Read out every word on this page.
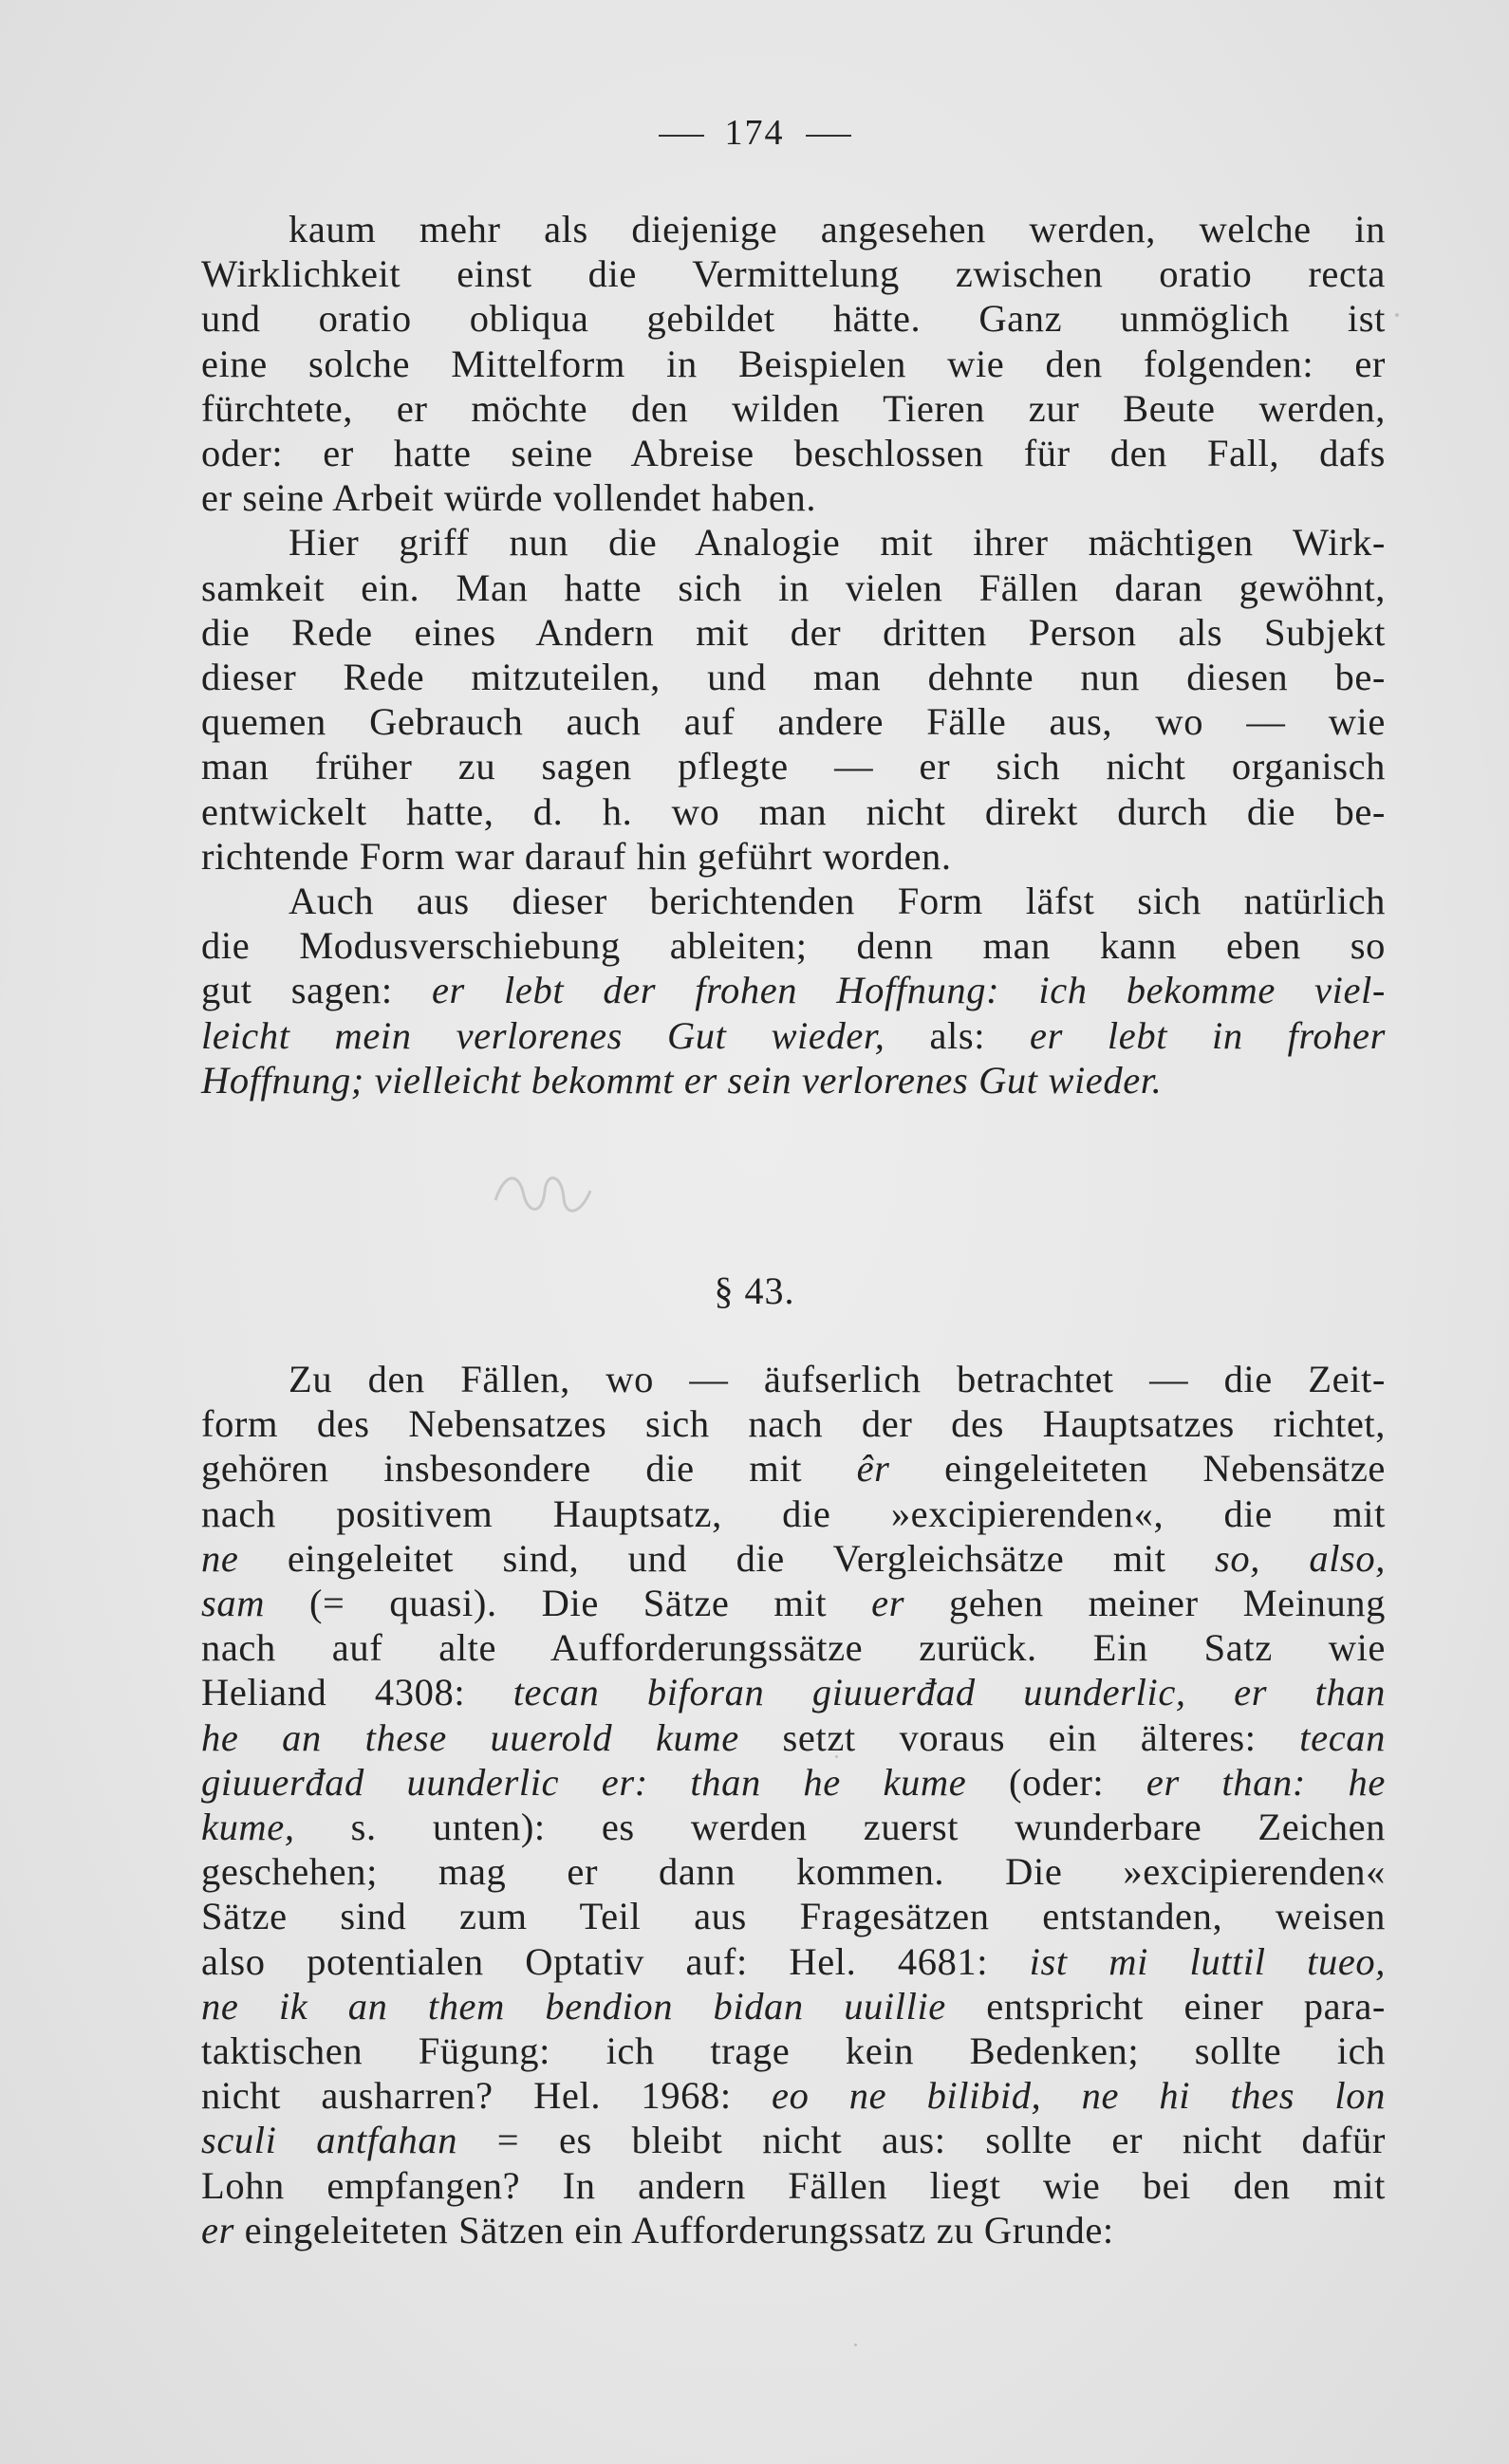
174
kaum mehr als diejenige angesehen werden, welche in
Wirklichkeit einst die Vermittelung zwischen oratio recta
und oratio obliqua gebildet hätte. Ganz unmöglich ist
eine solche Mittelform in Beispielen wie den folgenden: er
fürchtete, er möchte den wilden Tieren zur Beute werden,
oder: er hatte seine Abreise beschlossen für den Fall, dafs
er seine Arbeit würde vollendet haben.
Hier griff nun die Analogie mit ihrer mächtigen Wirk-
samkeit ein. Man hatte sich in vielen Fällen daran gewöhnt,
die Rede eines Andern mit der dritten Person als Subjekt
dieser Rede mitzuteilen, und man dehnte nun diesen be-
quemen Gebrauch auch auf andere Fälle aus, wo — wie
man früher zu sagen pflegte — er sich nicht organisch
entwickelt hatte, d. h. wo man nicht direkt durch die be-
richtende Form war darauf hin geführt worden.
Auch aus dieser berichtenden Form läfst sich natürlich
die Modusverschiebung ableiten; denn man kann eben so
gut sagen: er lebt der frohen Hoffnung: ich bekomme viel-
leicht mein verlorenes Gut wieder, als: er lebt in froher
Hoffnung; vielleicht bekommt er sein verlorenes Gut wieder.
§ 43.
Zu den Fällen, wo — äufserlich betrachtet — die Zeit-
form des Nebensatzes sich nach der des Hauptsatzes richtet,
gehören insbesondere die mit êr eingeleiteten Nebensätze
nach positivem Hauptsatz, die »excipierenden«, die mit
ne eingeleitet sind, und die Vergleichsätze mit so, also,
sam (= quasi). Die Sätze mit er gehen meiner Meinung
nach auf alte Aufforderungssätze zurück. Ein Satz wie
Heliand 4308: tecan biforan giuuerđad uunderlic, er than
he an these uuerold kume setzt voraus ein älteres: tecan
giuuerđad uunderlic er: than he kume (oder: er than: he
kume, s. unten): es werden zuerst wunderbare Zeichen
geschehen; mag er dann kommen. Die »excipierenden«
Sätze sind zum Teil aus Fragesätzen entstanden, weisen
also potentialen Optativ auf: Hel. 4681: ist mi luttil tueo,
ne ik an them bendion bidan uuillie entspricht einer para-
taktischen Fügung: ich trage kein Bedenken; sollte ich
nicht ausharren? Hel. 1968: eo ne bilibid, ne hi thes lon
sculi antfahan = es bleibt nicht aus: sollte er nicht dafür
Lohn empfangen? In andern Fällen liegt wie bei den mit
er eingeleiteten Sätzen ein Aufforderungssatz zu Grunde:
